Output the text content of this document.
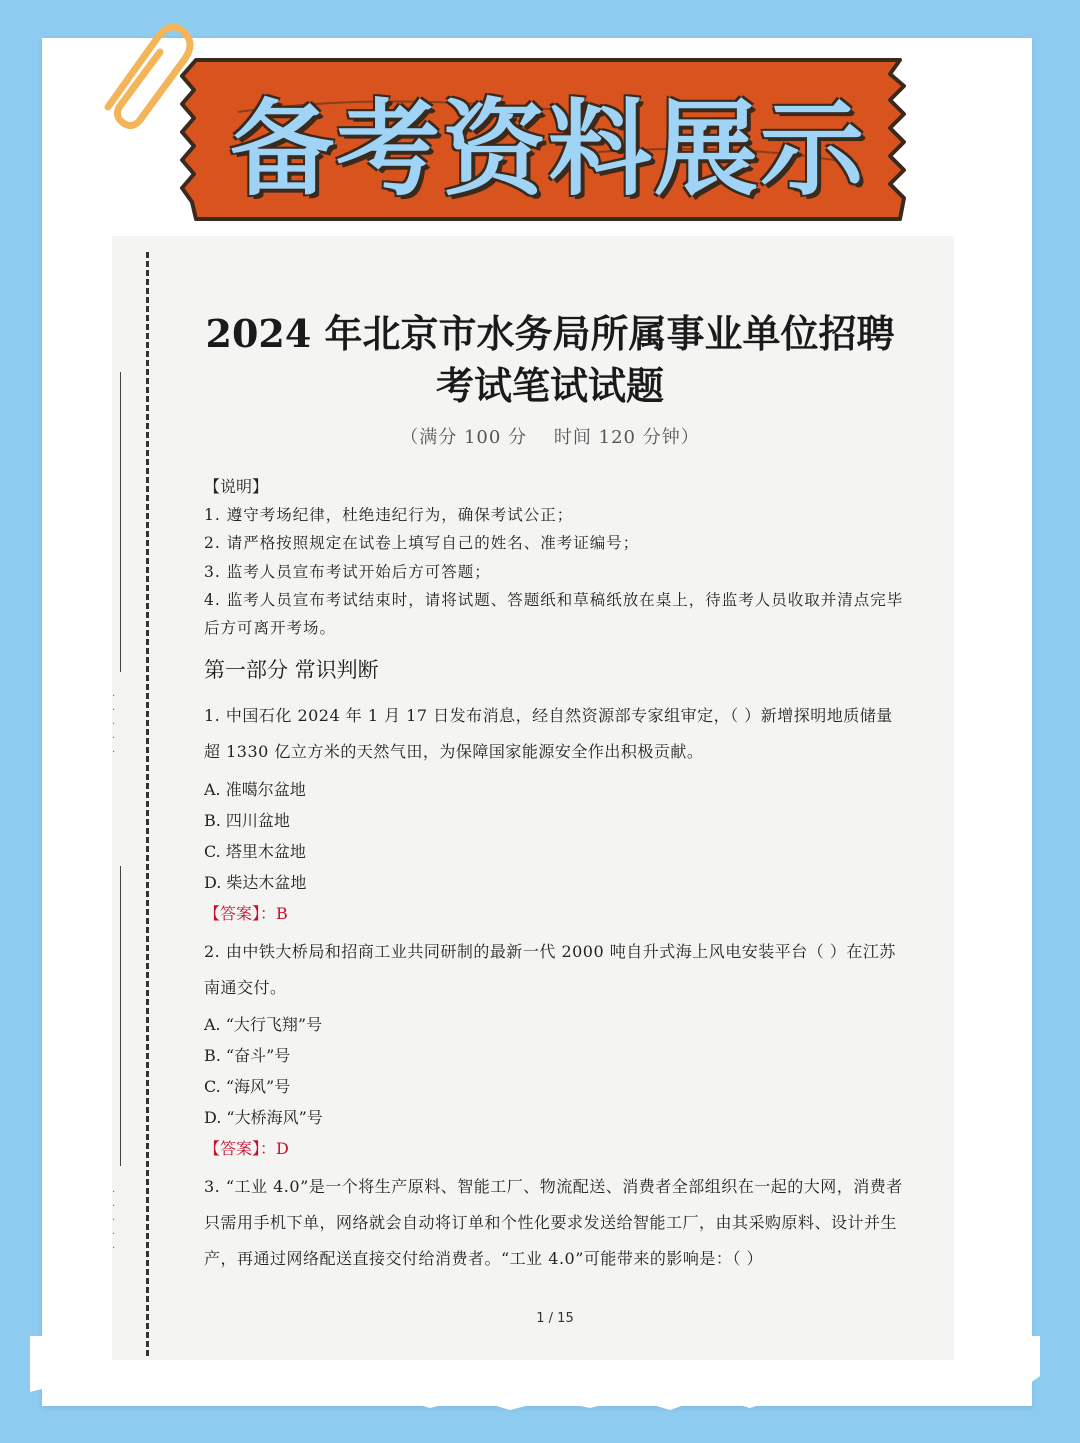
备考资料展示
·
·
·
·
·
·
·
·
·
·
2024 年北京市水务局所属事业单位招聘
考试笔试试题
（满分 100 分    时间 120 分钟）
【说明】
1. 遵守考场纪律，杜绝违纪行为，确保考试公正；
2. 请严格按照规定在试卷上填写自己的姓名、准考证编号；
3. 监考人员宣布考试开始后方可答题；
4. 监考人员宣布考试结束时，请将试题、答题纸和草稿纸放在桌上，待监考人员收取并清点完毕后方可离开考场。
第一部分 常识判断
1. 中国石化 2024 年 1 月 17 日发布消息，经自然资源部专家组审定，（ ）新增探明地质储量超 1330 亿立方米的天然气田，为保障国家能源安全作出积极贡献。
A. 准噶尔盆地
B. 四川盆地
C. 塔里木盆地
D. 柴达木盆地
【答案】：B
2. 由中铁大桥局和招商工业共同研制的最新一代 2000 吨自升式海上风电安装平台（ ）在江苏南通交付。
A. “大行飞翔”号
B. “奋斗”号
C. “海风”号
D. “大桥海风”号
【答案】：D
3. “工业 4.0”是一个将生产原料、智能工厂、物流配送、消费者全部组织在一起的大网，消费者只需用手机下单，网络就会自动将订单和个性化要求发送给智能工厂，由其采购原料、设计并生产，再通过网络配送直接交付给消费者。“工业 4.0”可能带来的影响是：（ ）
1 / 15
